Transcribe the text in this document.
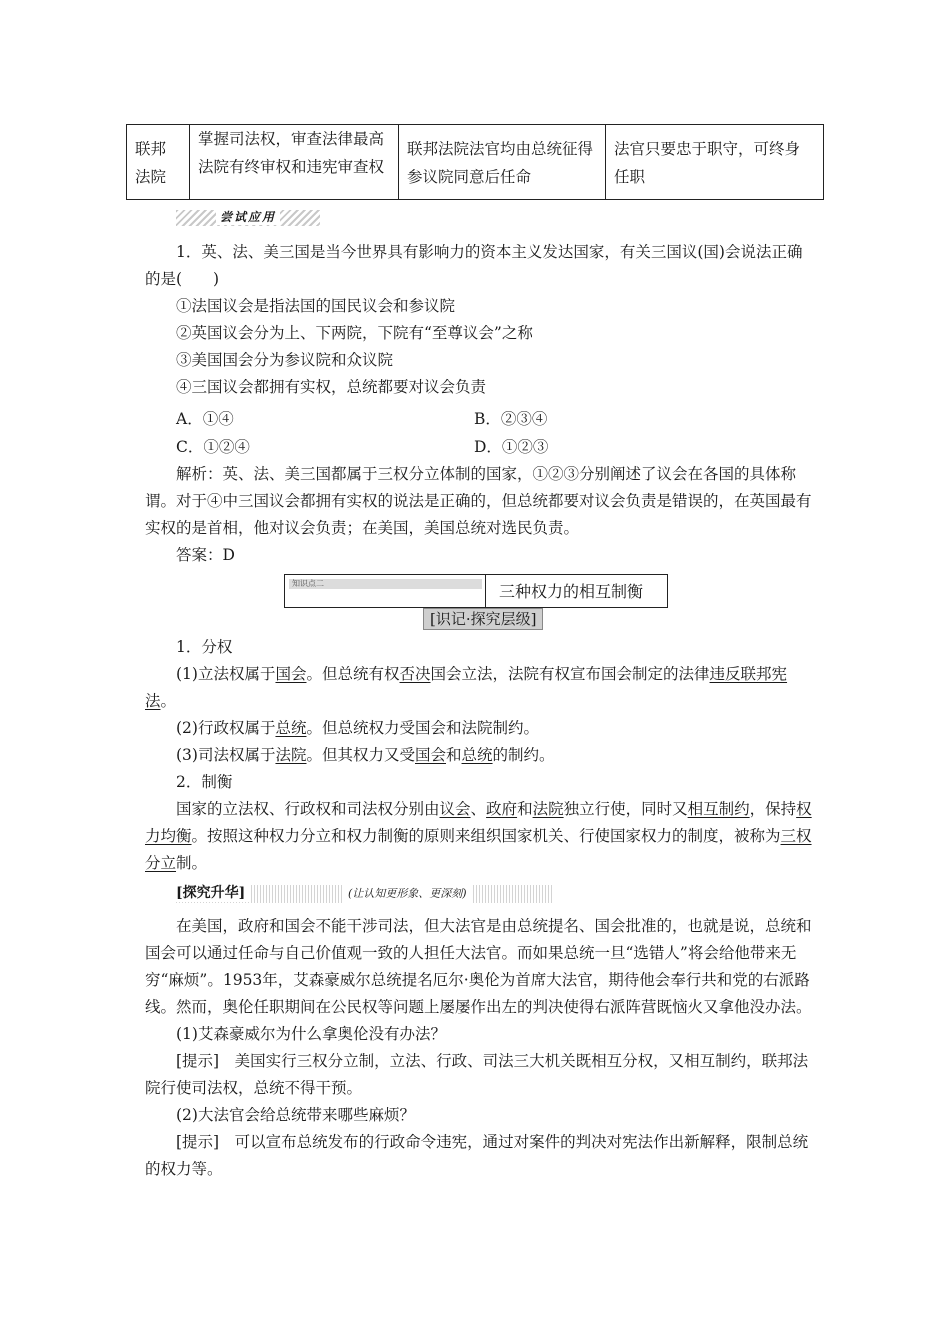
联邦法院	掌握司法权，审查法律最高法院有终审权和违宪审查权	联邦法院法官均由总统征得参议院同意后任命	法官只要忠于职守，可终身任职
尝试应用

1．英、法、美三国是当今世界具有影响力的资本主义发达国家，有关三国议(国)会说法正确的是(　　)

①法国议会是指法国的国民议会和参议院

②英国议会分为上、下两院，下院有“至尊议会”之称

③美国国会分为参议院和众议院

④三国议会都拥有实权，总统都要对议会负责

A．①④	B．②③④
C．①②④	D．①②③

解析：英、法、美三国都属于三权分立体制的国家，①②③分别阐述了议会在各国的具体称谓。对于④中三国议会都拥有实权的说法是正确的，但总统都要对议会负责是错误的，在英国最有实权的是首相，他对议会负责；在美国，美国总统对选民负责。

答案：D

知识点二	三种权力的相互制衡
[识记·探究层级]

1．分权

(1)立法权属于国会。但总统有权否决国会立法，法院有权宣布国会制定的法律违反联邦宪法。

(2)行政权属于总统。但总统权力受国会和法院制约。

(3)司法权属于法院。但其权力又受国会和总统的制约。

2．制衡

国家的立法权、行政权和司法权分别由议会、政府和法院独立行使，同时又相互制约，保持权力均衡。按照这种权力分立和权力制衡的原则来组织国家机关、行使国家权力的制度，被称为三权分立制。

[探究升华]	(让认知更形象、更深刻)

在美国，政府和国会不能干涉司法，但大法官是由总统提名、国会批准的，也就是说，总统和国会可以通过任命与自己价值观一致的人担任大法官。而如果总统一旦“选错人”将会给他带来无穷“麻烦”。1953年，艾森豪威尔总统提名厄尔·奥伦为首席大法官，期待他会奉行共和党的右派路线。然而，奥伦任职期间在公民权等问题上屡屡作出左的判决使得右派阵营既恼火又拿他没办法。

(1)艾森豪威尔为什么拿奥伦没有办法？

[提示]　美国实行三权分立制，立法、行政、司法三大机关既相互分权，又相互制约，联邦法院行使司法权，总统不得干预。

(2)大法官会给总统带来哪些麻烦？

[提示]　可以宣布总统发布的行政命令违宪，通过对案件的判决对宪法作出新解释，限制总统的权力等。
